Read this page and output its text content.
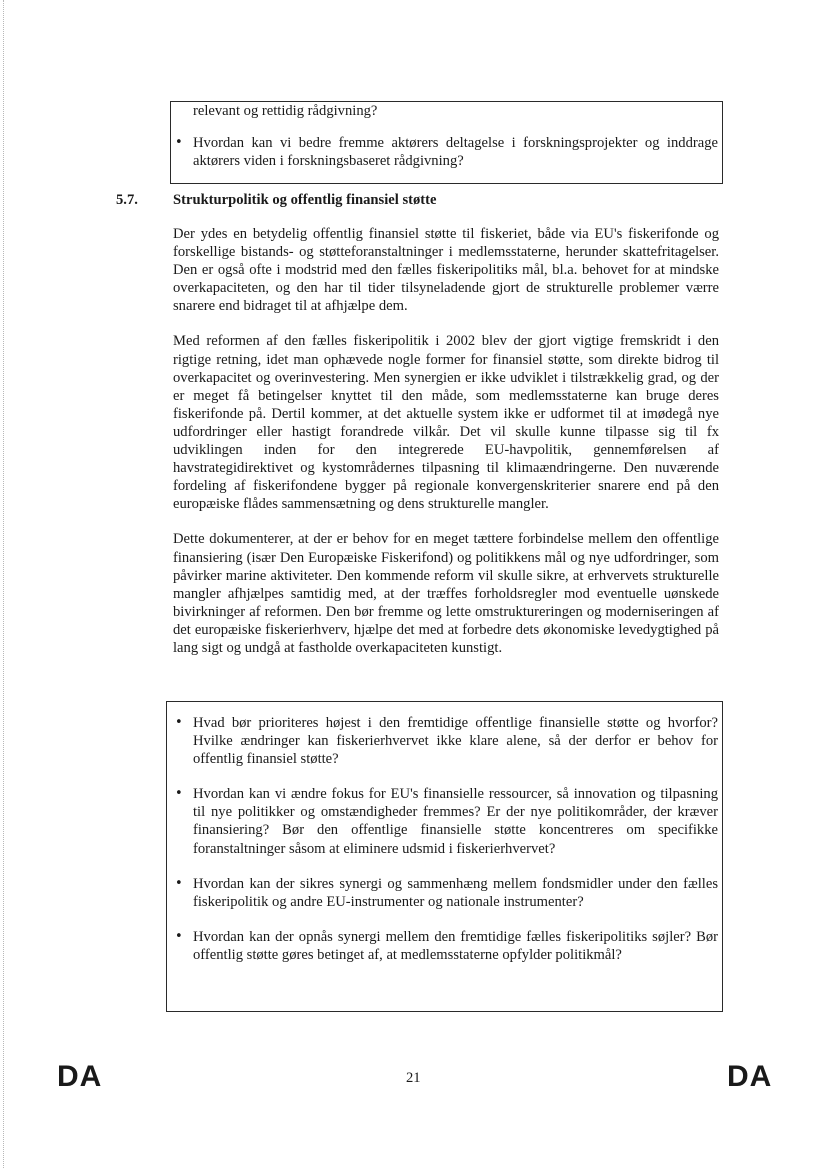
relevant og rettidig rådgivning?
• Hvordan kan vi bedre fremme aktørers deltagelse i forskningsprojekter og inddrage aktørers viden i forskningsbaseret rådgivning?
5.7. Strukturpolitik og offentlig finansiel støtte

Der ydes en betydelig offentlig finansiel støtte til fiskeriet, både via EU's fiskerifonde og forskellige bistands- og støtteforanstaltninger i medlemsstaterne, herunder skattefritagelser. Den er også ofte i modstrid med den fælles fiskeripolitiks mål, bl.a. behovet for at mindske overkapaciteten, og den har til tider tilsyneladende gjort de strukturelle problemer værre snarere end bidraget til at afhjælpe dem.

Med reformen af den fælles fiskeripolitik i 2002 blev der gjort vigtige fremskridt i den rigtige retning, idet man ophævede nogle former for finansiel støtte, som direkte bidrog til overkapacitet og overinvestering. Men synergien er ikke udviklet i tilstrækkelig grad, og der er meget få betingelser knyttet til den måde, som medlemsstaterne kan bruge deres fiskerifonde på. Dertil kommer, at det aktuelle system ikke er udformet til at imødegå nye udfordringer eller hastigt forandrede vilkår. Det vil skulle kunne tilpasse sig til fx udviklingen inden for den integrerede EU-havpolitik, gennemførelsen af havstrategidirektivet og kystområdernes tilpasning til klimaændringerne. Den nuværende fordeling af fiskerifondene bygger på regionale konvergenskriterier snarere end på den europæiske flådes sammensætning og dens strukturelle mangler.

Dette dokumenterer, at der er behov for en meget tættere forbindelse mellem den offentlige finansiering (især Den Europæiske Fiskerifond) og politikkens mål og nye udfordringer, som påvirker marine aktiviteter. Den kommende reform vil skulle sikre, at erhvervets strukturelle mangler afhjælpes samtidig med, at der træffes forholdsregler mod eventuelle uønskede bivirkninger af reformen. Den bør fremme og lette omstruktureringen og moderniseringen af det europæiske fiskerierhverv, hjælpe det med at forbedre dets økonomiske levedygtighed på lang sigt og undgå at fastholde overkapaciteten kunstigt.

• Hvad bør prioriteres højest i den fremtidige offentlige finansielle støtte og hvorfor? Hvilke ændringer kan fiskerierhvervet ikke klare alene, så der derfor er behov for offentlig finansiel støtte?
• Hvordan kan vi ændre fokus for EU's finansielle ressourcer, så innovation og tilpasning til nye politikker og omstændigheder fremmes? Er der nye politikområder, der kræver finansiering? Bør den offentlige finansielle støtte koncentreres om specifikke foranstaltninger såsom at eliminere udsmid i fiskerierhvervet?
• Hvordan kan der sikres synergi og sammenhæng mellem fondsmidler under den fælles fiskeripolitik og andre EU-instrumenter og nationale instrumenter?
• Hvordan kan der opnås synergi mellem den fremtidige fælles fiskeripolitiks søjler? Bør offentlig støtte gøres betinget af, at medlemsstaterne opfylder politikmål?
DA	21	DA
